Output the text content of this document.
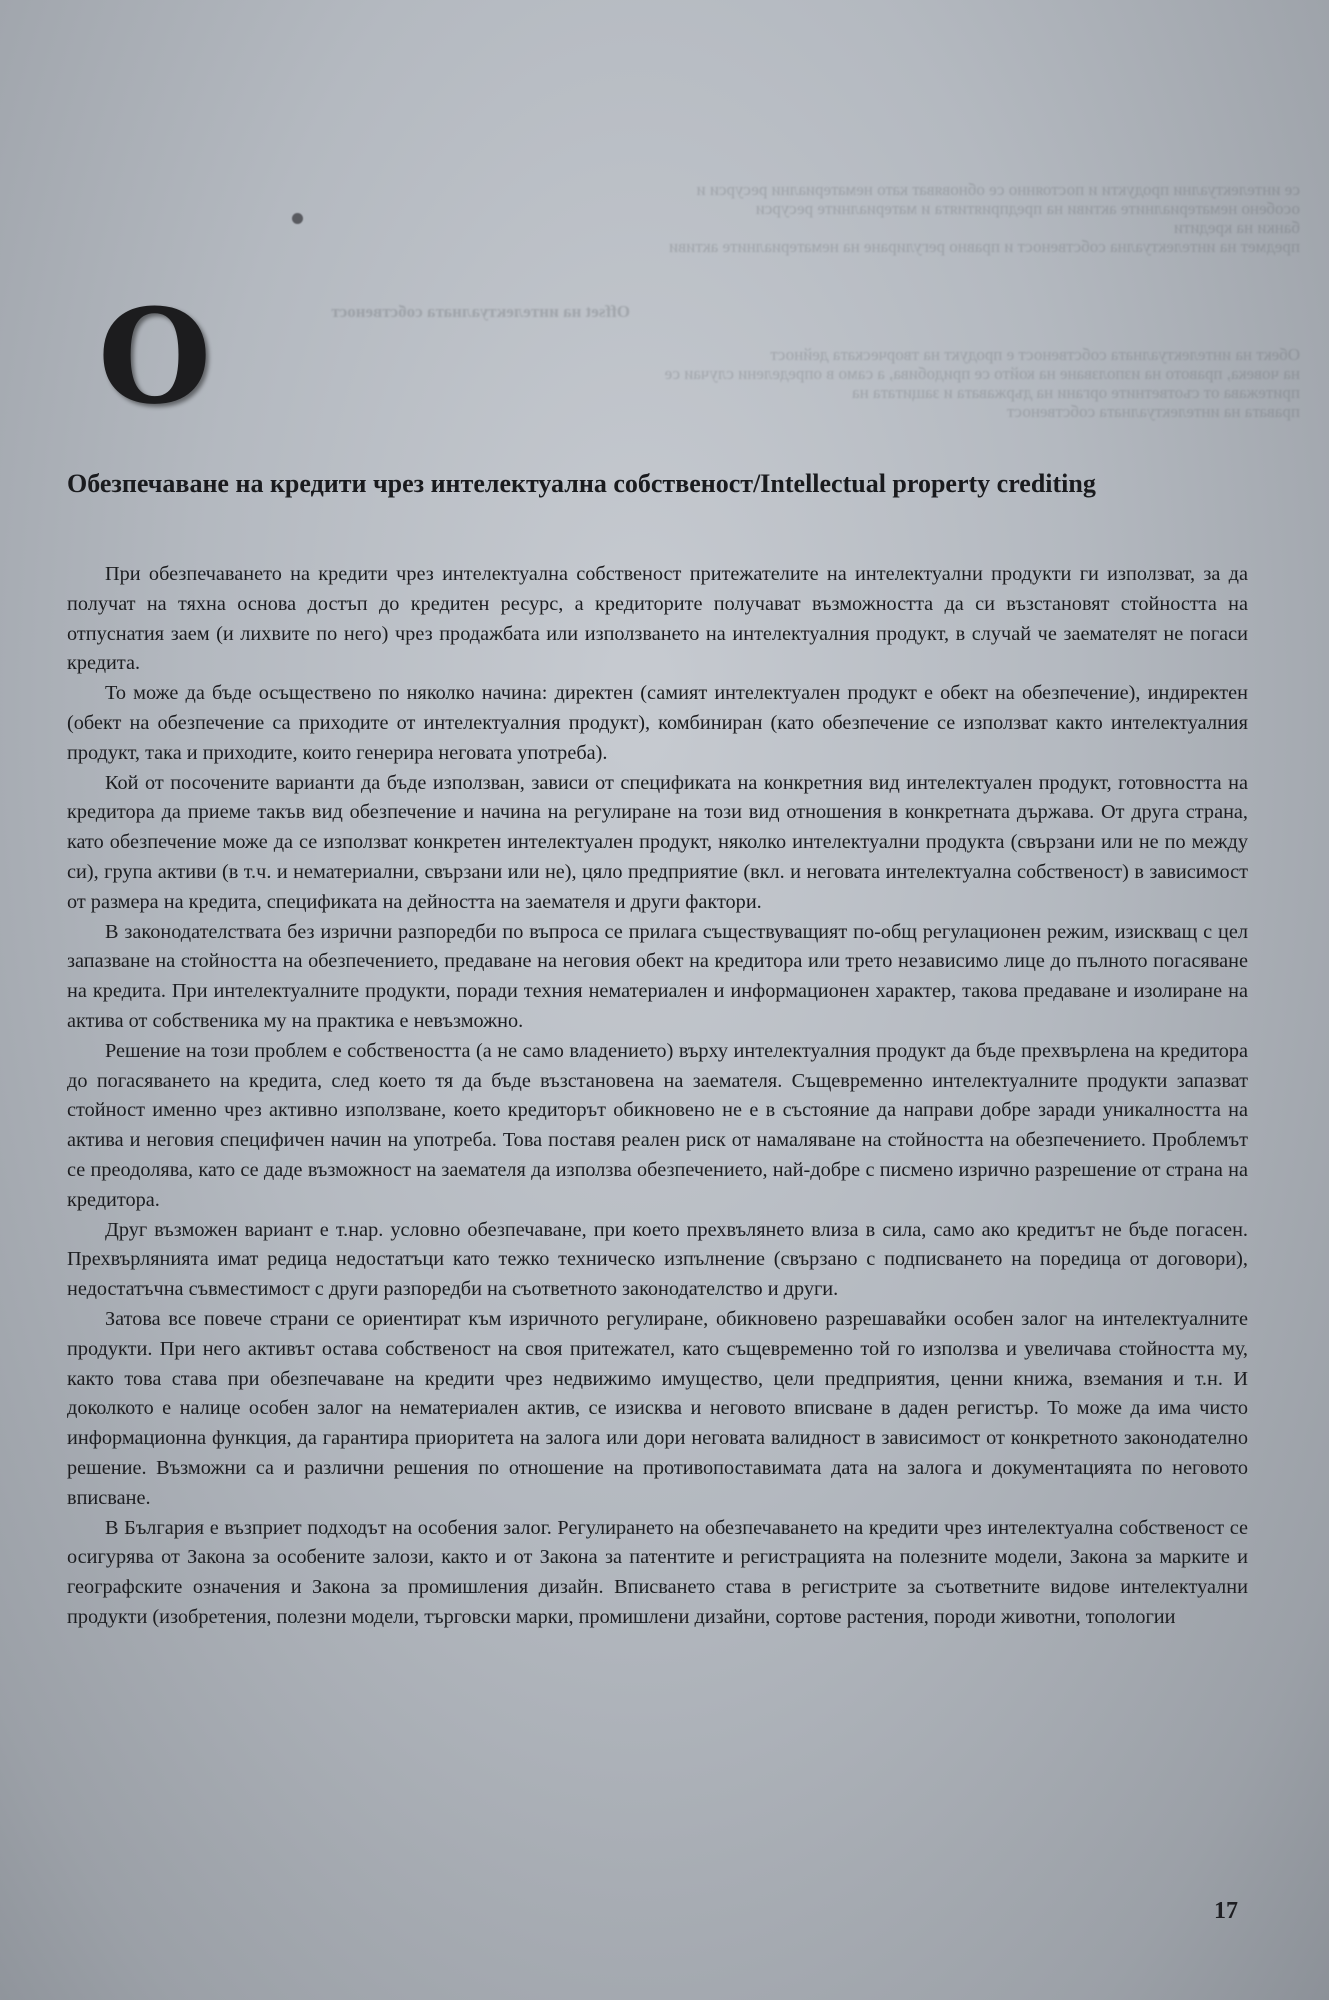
се интелектуални продукти и постоянно се обновяват като нематериални ресурси и
особено нематериалните активи на предприятията и материалните ресурси
банки на кредити
предмет на интелектуална собственост и правно регулиране на нематериалните активи
Offset на интелектуалната собственост
Обект на интелектуалната собственост е продукт на творческата дейност
на човека, правото на използване на който се придобива, а само в определени случаи се
притежава от съответните органи на държавата и защитата на
правата на интелектуалната собственост
O
Обезпечаване на кредити чрез интелектуална собственост/Intellectual property crediting

При обезпечаването на кредити чрез интелектуална собственост притежателите на интелектуални продукти ги използват, за да получат на тяхна основа достъп до кредитен ресурс, а кредиторите получават възможността да си възстановят стойността на отпуснатия заем (и лихвите по него) чрез продажбата или използването на интелектуалния продукт, в случай че заемателят не погаси кредита.

То може да бъде осъществено по няколко начина: директен (самият интелектуален продукт е обект на обезпечение), индиректен (обект на обезпечение са приходите от интелектуалния продукт), комбиниран (като обезпечение се използват както интелектуалния продукт, така и приходите, които генерира неговата употреба).

Кой от посочените варианти да бъде използван, зависи от спецификата на конкретния вид интелектуален продукт, готовността на кредитора да приеме такъв вид обезпечение и начина на регулиране на този вид отношения в конкретната държава. От друга страна, като обезпечение може да се използват конкретен интелектуален продукт, няколко интелектуални продукта (свързани или не по между си), група активи (в т.ч. и нематериални, свързани или не), цяло предприятие (вкл. и неговата интелектуална собственост) в зависимост от размера на кредита, спецификата на дейността на заемателя и други фактори.

В законодателствата без изрични разпоредби по въпроса се прилага съществуващият по-общ регулационен режим, изискващ с цел запазване на стойността на обезпечението, предаване на неговия обект на кредитора или трето независимо лице до пълното погасяване на кредита. При интелектуалните продукти, поради техния нематериален и информационен характер, такова предаване и изолиране на актива от собственика му на практика е невъзможно.

Решение на този проблем е собствеността (а не само владението) върху интелектуалния продукт да бъде прехвърлена на кредитора до погасяването на кредита, след което тя да бъде възстановена на заемателя. Същевременно интелектуалните продукти запазват стойност именно чрез активно използване, което кредиторът обикновено не е в състояние да направи добре заради уникалността на актива и неговия специфичен начин на употреба. Това поставя реален риск от намаляване на стойността на обезпечението. Проблемът се преодолява, като се даде възможност на заемателя да използва обезпечението, най-добре с писмено изрично разрешение от страна на кредитора.

Друг възможен вариант е т.нар. условно обезпечаване, при което прехвълянето влиза в сила, само ако кредитът не бъде погасен. Прехвърлянията имат редица недостатъци като тежко техническо изпълнение (свързано с подписването на поредица от договори), недостатъчна съвместимост с други разпоредби на съответното законодателство и други.

Затова все повече страни се ориентират към изричното регулиране, обикновено разрешавайки особен залог на интелектуалните продукти. При него активът остава собственост на своя притежател, като същевременно той го използва и увеличава стойността му, както това става при обезпечаване на кредити чрез недвижимо имущество, цели предприятия, ценни книжа, вземания и т.н. И доколкото е налице особен залог на нематериален актив, се изисква и неговото вписване в даден регистър. То може да има чисто информационна функция, да гарантира приоритета на залога или дори неговата валидност в зависимост от конкретното законодателно решение. Възможни са и различни решения по отношение на противопоставимата дата на залога и документацията по неговото вписване.

В България е възприет подходът на особения залог. Регулирането на обезпечаването на кредити чрез интелектуална собственост се осигурява от Закона за особените залози, както и от Закона за патентите и регистрацията на полезните модели, Закона за марките и географските означения и Закона за промишления дизайн. Вписването става в регистрите за съответните видове интелектуални продукти (изобретения, полезни модели, търговски марки, промишлени дизайни, сортове растения, породи животни, топологии

17
